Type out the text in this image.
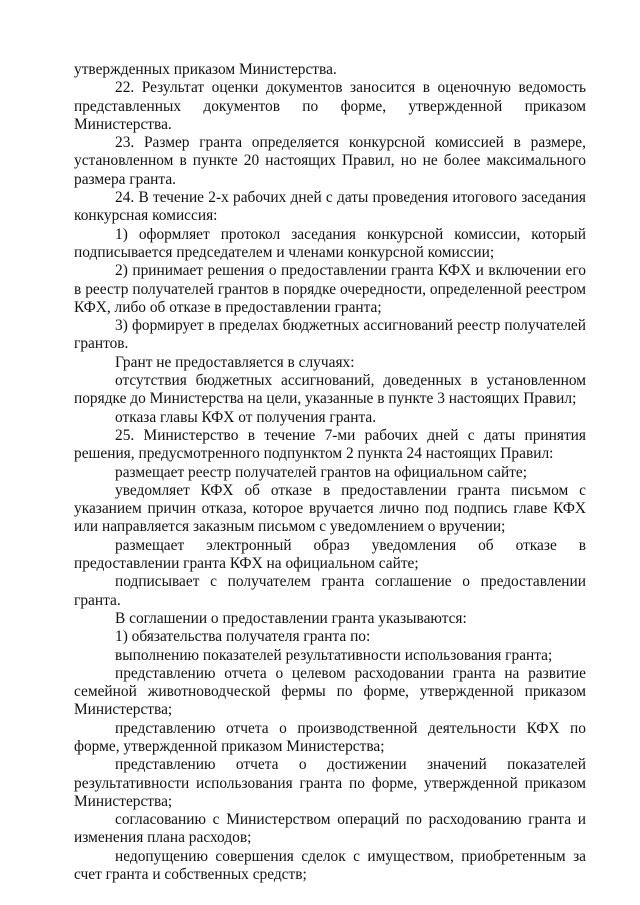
утвержденных приказом Министерства.

22. Результат оценки документов заносится в оценочную ведомость представленных документов по форме, утвержденной приказом Министерства.

23. Размер гранта определяется конкурсной комиссией в размере, установленном в пункте 20 настоящих Правил, но не более максимального размера гранта.

24. В течение 2-х рабочих дней с даты проведения итогового заседания конкурсная комиссия:

1) оформляет протокол заседания конкурсной комиссии, который подписывается председателем и членами конкурсной комиссии;

2) принимает решения о предоставлении гранта КФХ и включении его в реестр получателей грантов в порядке очередности, определенной реестром КФХ, либо об отказе в предоставлении гранта;

3) формирует в пределах бюджетных ассигнований реестр получателей грантов.

Грант не предоставляется в случаях:

отсутствия бюджетных ассигнований, доведенных в установленном порядке до Министерства на цели, указанные в пункте 3 настоящих Правил;

отказа главы КФХ от получения гранта.

25. Министерство в течение 7-ми рабочих дней с даты принятия решения, предусмотренного подпунктом 2 пункта 24 настоящих Правил:

размещает реестр получателей грантов на официальном сайте;

уведомляет КФХ об отказе в предоставлении гранта письмом с указанием причин отказа, которое вручается лично под подпись главе КФХ или направляется заказным письмом с уведомлением о вручении;

размещает электронный образ уведомления об отказе в предоставлении гранта КФХ на официальном сайте;

подписывает с получателем гранта соглашение о предоставлении гранта.

В соглашении о предоставлении гранта указываются:

1) обязательства получателя гранта по:

выполнению показателей результативности использования гранта;

представлению отчета о целевом расходовании гранта на развитие семейной животноводческой фермы по форме, утвержденной приказом Министерства;

представлению отчета о производственной деятельности КФХ по форме, утвержденной приказом Министерства;

представлению отчета о достижении значений показателей результативности использования гранта по форме, утвержденной приказом Министерства;

согласованию с Министерством операций по расходованию гранта и изменения плана расходов;

недопущению совершения сделок с имуществом, приобретенным за счет гранта и собственных средств;
